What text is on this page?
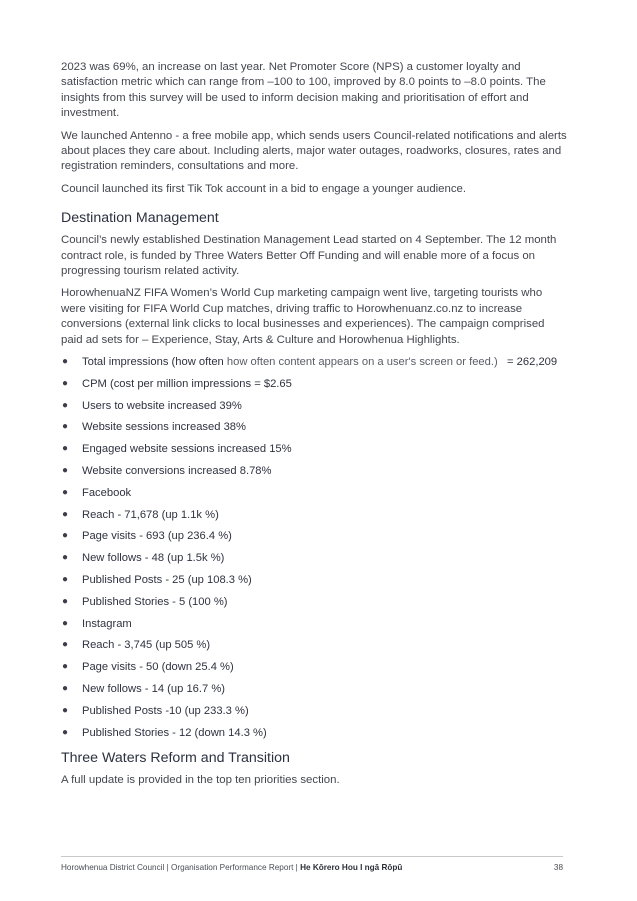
2023 was 69%, an increase on last year. Net Promoter Score (NPS) a customer loyalty and satisfaction metric which can range from –100 to 100, improved by 8.0 points to –8.0 points. The insights from this survey will be used to inform decision making and prioritisation of effort and investment.

We launched Antenno - a free mobile app, which sends users Council-related notifications and alerts about places they care about. Including alerts, major water outages, roadworks, closures, rates and registration reminders, consultations and more.

Council launched its first Tik Tok account in a bid to engage a younger audience.

Destination Management

Council’s newly established Destination Management Lead started on 4 September. The 12 month contract role, is funded by Three Waters Better Off Funding and will enable more of a focus on progressing tourism related activity.

HorowhenuaNZ FIFA Women’s World Cup marketing campaign went live, targeting tourists who were visiting for FIFA World Cup matches, driving traffic to Horowhenuanz.co.nz to increase conversions (external link clicks to local businesses and experiences). The campaign comprised paid ad sets for – Experience, Stay, Arts & Culture and Horowhenua Highlights.

● Total impressions (how often how often content appears on a user's screen or feed.)   = 262,209
● CPM (cost per million impressions = $2.65
● Users to website increased 39%
● Website sessions increased 38%
● Engaged website sessions increased 15%
● Website conversions increased 8.78%
● Facebook
● Reach - 71,678 (up 1.1k %)
● Page visits - 693 (up 236.4 %)
● New follows - 48 (up 1.5k %)
● Published Posts - 25 (up 108.3 %)
● Published Stories - 5 (100 %)
● Instagram
● Reach - 3,745 (up 505 %)
● Page visits - 50 (down 25.4 %)
● New follows - 14 (up 16.7 %)
● Published Posts -10 (up 233.3 %)
● Published Stories - 12 (down 14.3 %)
Three Waters Reform and Transition

A full update is provided in the top ten priorities section.

Horowhenua District Council | Organisation Performance Report | He Kōrero Hou I ngā Rōpū	38
